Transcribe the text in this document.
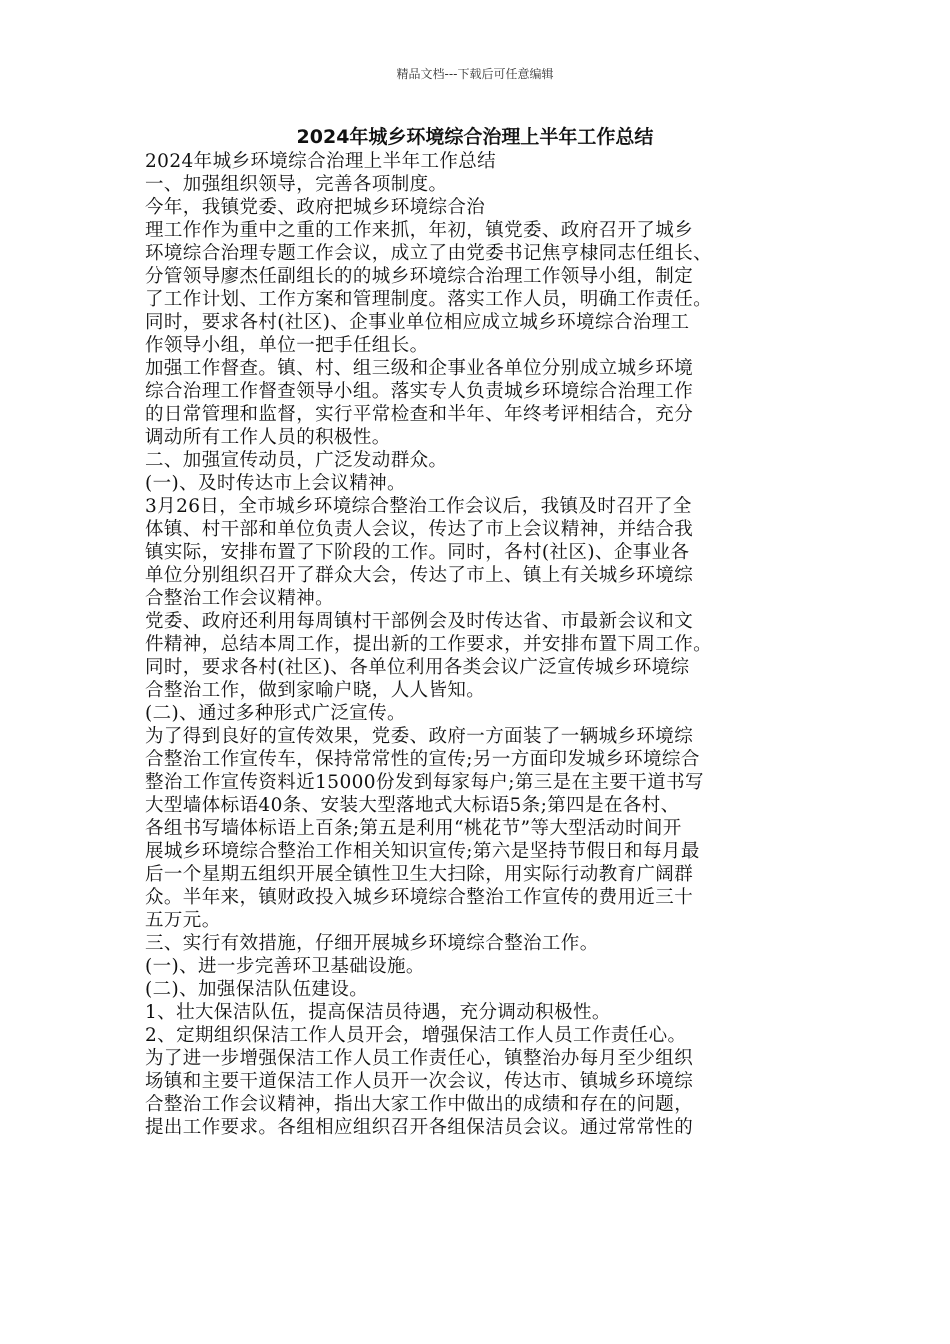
精品文档---下载后可任意编辑
2024年城乡环境综合治理上半年工作总结

2024年城乡环境综合治理上半年工作总结

一、加强组织领导，完善各项制度。

今年，我镇党委、政府把城乡环境综合治

理工作作为重中之重的工作来抓，年初，镇党委、政府召开了城乡

环境综合治理专题工作会议，成立了由党委书记焦亨棣同志任组长、

分管领导廖杰任副组长的的城乡环境综合治理工作领导小组，制定

了工作计划、工作方案和管理制度。落实工作人员，明确工作责任。

同时，要求各村(社区)、企事业单位相应成立城乡环境综合治理工

作领导小组，单位一把手任组长。

加强工作督查。镇、村、组三级和企事业各单位分别成立城乡环境

综合治理工作督查领导小组。落实专人负责城乡环境综合治理工作

的日常管理和监督，实行平常检查和半年、年终考评相结合，充分

调动所有工作人员的积极性。

二、加强宣传动员，广泛发动群众。

(一)、及时传达市上会议精神。

3月26日，全市城乡环境综合整治工作会议后，我镇及时召开了全

体镇、村干部和单位负责人会议，传达了市上会议精神，并结合我

镇实际，安排布置了下阶段的工作。同时，各村(社区)、企事业各

单位分别组织召开了群众大会，传达了市上、镇上有关城乡环境综

合整治工作会议精神。

党委、政府还利用每周镇村干部例会及时传达省、市最新会议和文

件精神，总结本周工作，提出新的工作要求，并安排布置下周工作。

同时，要求各村(社区)、各单位利用各类会议广泛宣传城乡环境综

合整治工作，做到家喻户晓，人人皆知。

(二)、通过多种形式广泛宣传。

为了得到良好的宣传效果，党委、政府一方面装了一辆城乡环境综

合整治工作宣传车，保持常常性的宣传;另一方面印发城乡环境综合

整治工作宣传资料近15000份发到每家每户;第三是在主要干道书写

大型墙体标语40条、安装大型落地式大标语5条;第四是在各村、

各组书写墙体标语上百条;第五是利用“桃花节”等大型活动时间开

展城乡环境综合整治工作相关知识宣传;第六是坚持节假日和每月最

后一个星期五组织开展全镇性卫生大扫除，用实际行动教育广阔群

众。半年来，镇财政投入城乡环境综合整治工作宣传的费用近三十

五万元。

三、实行有效措施，仔细开展城乡环境综合整治工作。

(一)、进一步完善环卫基础设施。

(二)、加强保洁队伍建设。

1、壮大保洁队伍，提高保洁员待遇，充分调动积极性。

2、定期组织保洁工作人员开会，增强保洁工作人员工作责任心。

为了进一步增强保洁工作人员工作责任心，镇整治办每月至少组织

场镇和主要干道保洁工作人员开一次会议，传达市、镇城乡环境综

合整治工作会议精神，指出大家工作中做出的成绩和存在的问题，

提出工作要求。各组相应组织召开各组保洁员会议。通过常常性的
